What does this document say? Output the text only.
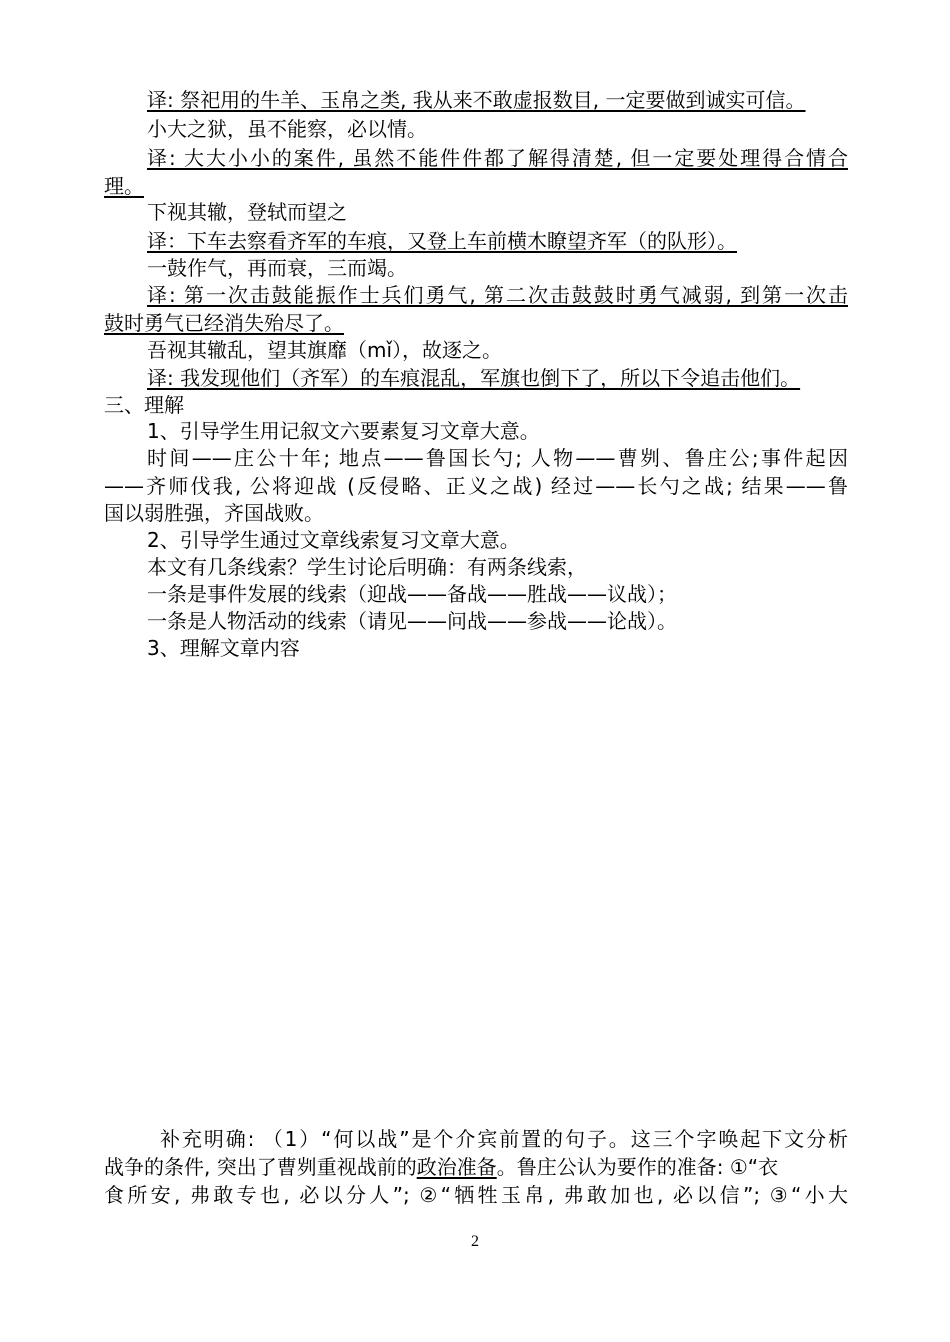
译: 祭祀用的牛羊、玉帛之类, 我从来不敢虚报数目, 一定要做到诚实可信。
小大之狱，虽不能察，必以情。
译: 大大小小的案件, 虽然不能件件都了解得清楚, 但一定要处理得合情合
理。
下视其辙，登轼而望之
译：下车去察看齐军的车痕，又登上车前横木瞭望齐军（的队形）。
一鼓作气，再而衰，三而竭。
译: 第一次击鼓能振作士兵们勇气, 第二次击鼓鼓时勇气减弱, 到第一次击
鼓时勇气已经消失殆尽了。
吾视其辙乱，望其旗靡（mǐ），故逐之。
译: 我发现他们（齐军）的车痕混乱，军旗也倒下了，所以下令追击他们。
三、理解
1、引导学生用记叙文六要素复习文章大意。
时间——庄公十年; 地点——鲁国长勺; 人物——曹刿、鲁庄公;事件起因
——齐师伐我, 公将迎战 (反侵略、正义之战) 经过——长勺之战; 结果——鲁
国以弱胜强，齐国战败。
2、引导学生通过文章线索复习文章大意。
本文有几条线索？学生讨论后明确：有两条线索，
一条是事件发展的线索（迎战——备战——胜战——议战）；
一条是人物活动的线索（请见——问战——参战——论战）。
3、理解文章内容
补充明确: （1）“何以战”是个介宾前置的句子。这三个字唤起下文分析
战争的条件, 突出了曹刿重视战前的政治准备。鲁庄公认为要作的准备: ①“衣
食所安, 弗敢专也, 必以分人”; ②“牺牲玉帛, 弗敢加也, 必以信”; ③“小大
2
